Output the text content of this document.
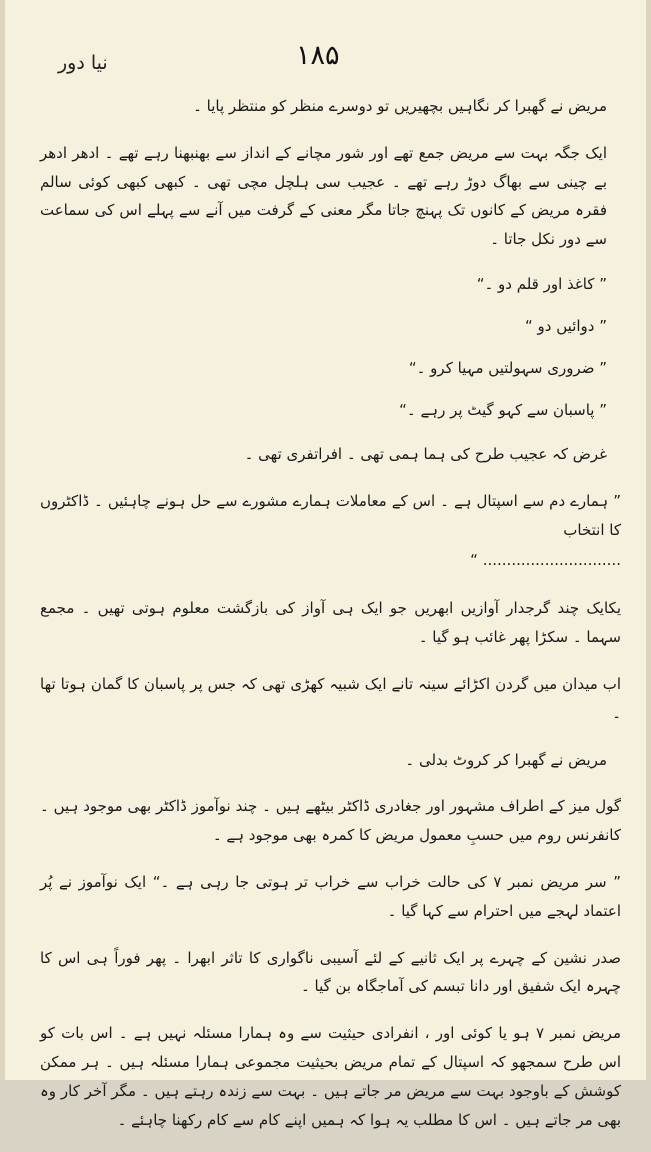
نیا دور	۱۸۵

مریض نے گھبرا کر نگاہیں بچھیریں تو دوسرے منظر کو منتظر پایا ۔

ایک جگہ بہت سے مریض جمع تھے اور شور مچانے کے انداز سے بھنبھنا رہے تھے ۔ ادھر ادھر بے چینی سے بھاگ دوڑ رہے تھے ۔ عجیب سی ہلچل مچی تھی ۔ کبھی کبھی کوئی سالم فقرہ مریض کے کانوں تک پہنچ جاتا مگر معنی کے گرفت میں آنے سے پہلے اس کی سماعت سے دور نکل جاتا ۔

” کاغذ اور قلم دو ۔“

” دوائیں دو “

” ضروری سہولتیں مہیا کرو ۔“

” پاسبان سے کہو گیٹ پر رہے ۔“

غرض کہ عجیب طرح کی ہما ہمی تھی ۔ افراتفری تھی ۔

” ہمارے دم سے اسپتال ہے ۔ اس کے معاملات ہمارے مشورے سے حل ہونے چاہئیں ۔ ڈاکٹروں کا انتخاب

............................. “

یکایک چند گرجدار آوازیں ابھریں جو ایک ہی آواز کی بازگشت معلوم ہوتی تھیں ۔ مجمع سہما ۔ سکڑا پھر غائب ہو گیا ۔

اب میدان میں گردن اکڑائے سینہ تانے ایک شبیہ کھڑی تھی کہ جس پر پاسبان کا گمان ہوتا تھا ۔

مریض نے گھبرا کر کروٹ بدلی ۔

گول میز کے اطراف مشہور اور جغادری ڈاکٹر بیٹھے ہیں ۔ چند نوآموز ڈاکٹر بھی موجود ہیں ۔ کانفرنس روم میں حسبِ معمول مریض کا کمرہ بھی موجود ہے ۔

” سر مریض نمبر ۷ کی حالت خراب سے خراب تر ہوتی جا رہی ہے ۔“ ایک نوآموز نے پُر اعتماد لہجے میں احترام سے کہا گیا ۔

صدر نشین کے چہرے پر ایک ثانیے کے لئے آسیبی ناگواری کا تاثر ابھرا ۔ پھر فوراً ہی اس کا چہرہ ایک شفیق اور دانا تبسم کی آماجگاہ بن گیا ۔

مریض نمبر ۷ ہو یا کوئی اور ، انفرادی حیثیت سے وہ ہمارا مسئلہ نہیں ہے ۔ اس بات کو اس طرح سمجھو کہ اسپتال کے تمام مریض بحیثیت مجموعی ہمارا مسئلہ ہیں ۔ ہر ممکن کوشش کے باوجود بہت سے مریض مر جاتے ہیں ۔ بہت سے زندہ رہتے ہیں ۔ مگر آخر کار وہ بھی مر جاتے ہیں ۔ اس کا مطلب یہ ہوا کہ ہمیں اپنے کام سے کام رکھنا چاہئے ۔
